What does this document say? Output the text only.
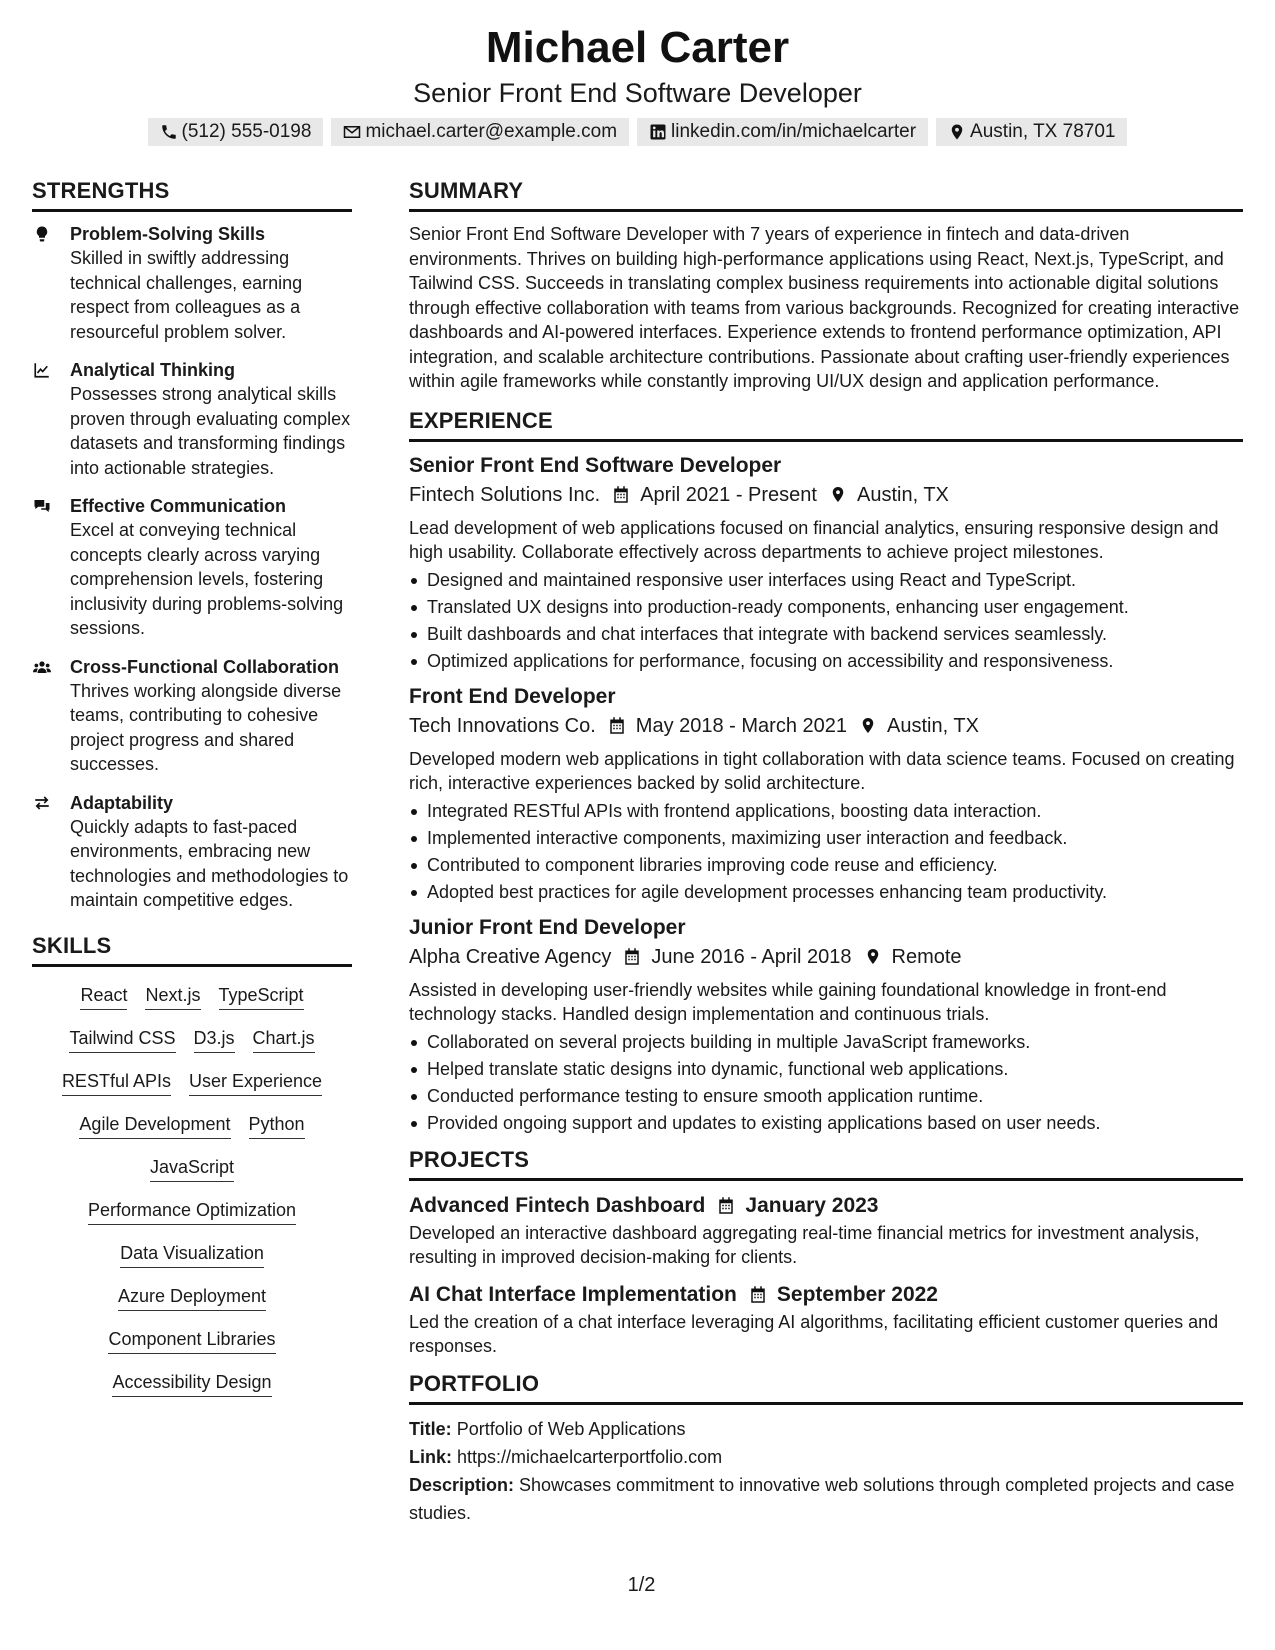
Michael Carter
Senior Front End Software Developer
(512) 555-0198	michael.carter@example.com	linkedin.com/in/michaelcarter	Austin, TX 78701
STRENGTHS
Problem-Solving Skills
Skilled in swiftly addressing technical challenges, earning respect from colleagues as a resourceful problem solver.
Analytical Thinking
Possesses strong analytical skills proven through evaluating complex datasets and transforming findings into actionable strategies.
Effective Communication
Excel at conveying technical concepts clearly across varying comprehension levels, fostering inclusivity during problems-solving sessions.
Cross-Functional Collaboration
Thrives working alongside diverse teams, contributing to cohesive project progress and shared successes.
Adaptability
Quickly adapts to fast-paced environments, embracing new technologies and methodologies to maintain competitive edges.
SKILLS
React Next.js TypeScript
Tailwind CSS D3.js Chart.js
RESTful APIs User Experience
Agile Development Python
JavaScript
Performance Optimization
Data Visualization
Azure Deployment
Component Libraries
Accessibility Design
SUMMARY
Senior Front End Software Developer with 7 years of experience in fintech and data-driven environments. Thrives on building high-performance applications using React, Next.js, TypeScript, and Tailwind CSS. Succeeds in translating complex business requirements into actionable digital solutions through effective collaboration with teams from various backgrounds. Recognized for creating interactive dashboards and AI-powered interfaces. Experience extends to frontend performance optimization, API integration, and scalable architecture contributions. Passionate about crafting user-friendly experiences within agile frameworks while constantly improving UI/UX design and application performance.
EXPERIENCE
Senior Front End Software Developer
Fintech Solutions Inc. April 2021 - Present Austin, TX
Lead development of web applications focused on financial analytics, ensuring responsive design and high usability. Collaborate effectively across departments to achieve project milestones.
Designed and maintained responsive user interfaces using React and TypeScript.
Translated UX designs into production-ready components, enhancing user engagement.
Built dashboards and chat interfaces that integrate with backend services seamlessly.
Optimized applications for performance, focusing on accessibility and responsiveness.
Front End Developer
Tech Innovations Co. May 2018 - March 2021 Austin, TX
Developed modern web applications in tight collaboration with data science teams. Focused on creating rich, interactive experiences backed by solid architecture.
Integrated RESTful APIs with frontend applications, boosting data interaction.
Implemented interactive components, maximizing user interaction and feedback.
Contributed to component libraries improving code reuse and efficiency.
Adopted best practices for agile development processes enhancing team productivity.
Junior Front End Developer
Alpha Creative Agency June 2016 - April 2018 Remote
Assisted in developing user-friendly websites while gaining foundational knowledge in front-end technology stacks. Handled design implementation and continuous trials.
Collaborated on several projects building in multiple JavaScript frameworks.
Helped translate static designs into dynamic, functional web applications.
Conducted performance testing to ensure smooth application runtime.
Provided ongoing support and updates to existing applications based on user needs.
PROJECTS
Advanced Fintech Dashboard January 2023
Developed an interactive dashboard aggregating real-time financial metrics for investment analysis, resulting in improved decision-making for clients.
AI Chat Interface Implementation September 2022
Led the creation of a chat interface leveraging AI algorithms, facilitating efficient customer queries and responses.
PORTFOLIO
Title: Portfolio of Web Applications
Link: https://michaelcarterportfolio.com
Description: Showcases commitment to innovative web solutions through completed projects and case studies.
1/2
